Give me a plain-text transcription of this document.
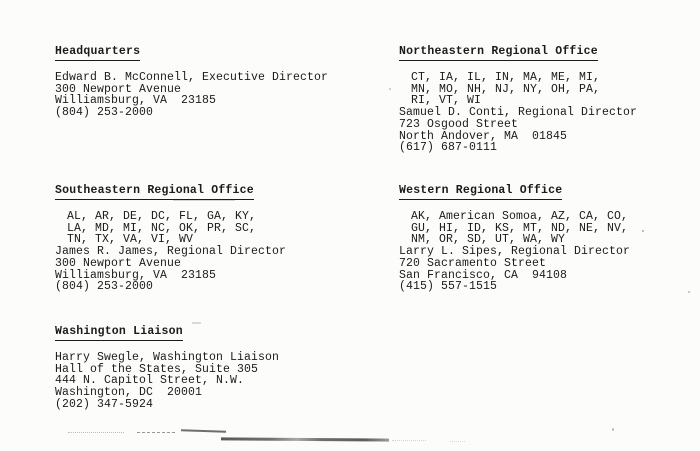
Headquarters
Edward B. McConnell, Executive Director
300 Newport Avenue
Williamsburg, VA  23185
(804) 253-2000
Northeastern Regional Office
CT, IA, IL, IN, MA, ME, MI,
MN, MO, NH, NJ, NY, OH, PA,
RI, VT, WI
Samuel D. Conti, Regional Director
723 Osgood Street
North Andover, MA  01845
(617) 687-0111
Southeastern Regional Office
AL, AR, DE, DC, FL, GA, KY,
LA, MD, MI, NC, OK, PR, SC,
TN, TX, VA, VI, WV
James R. James, Regional Director
300 Newport Avenue
Williamsburg, VA  23185
(804) 253-2000
Western Regional Office
AK, American Somoa, AZ, CA, CO,
GU, HI, ID, KS, MT, ND, NE, NV,
NM, OR, SD, UT, WA, WY
Larry L. Sipes, Regional Director
720 Sacramento Street
San Francisco, CA  94108
(415) 557-1515
Washington Liaison
Harry Swegle, Washington Liaison
Hall of the States, Suite 305
444 N. Capitol Street, N.W.
Washington, DC  20001
(202) 347-5924
